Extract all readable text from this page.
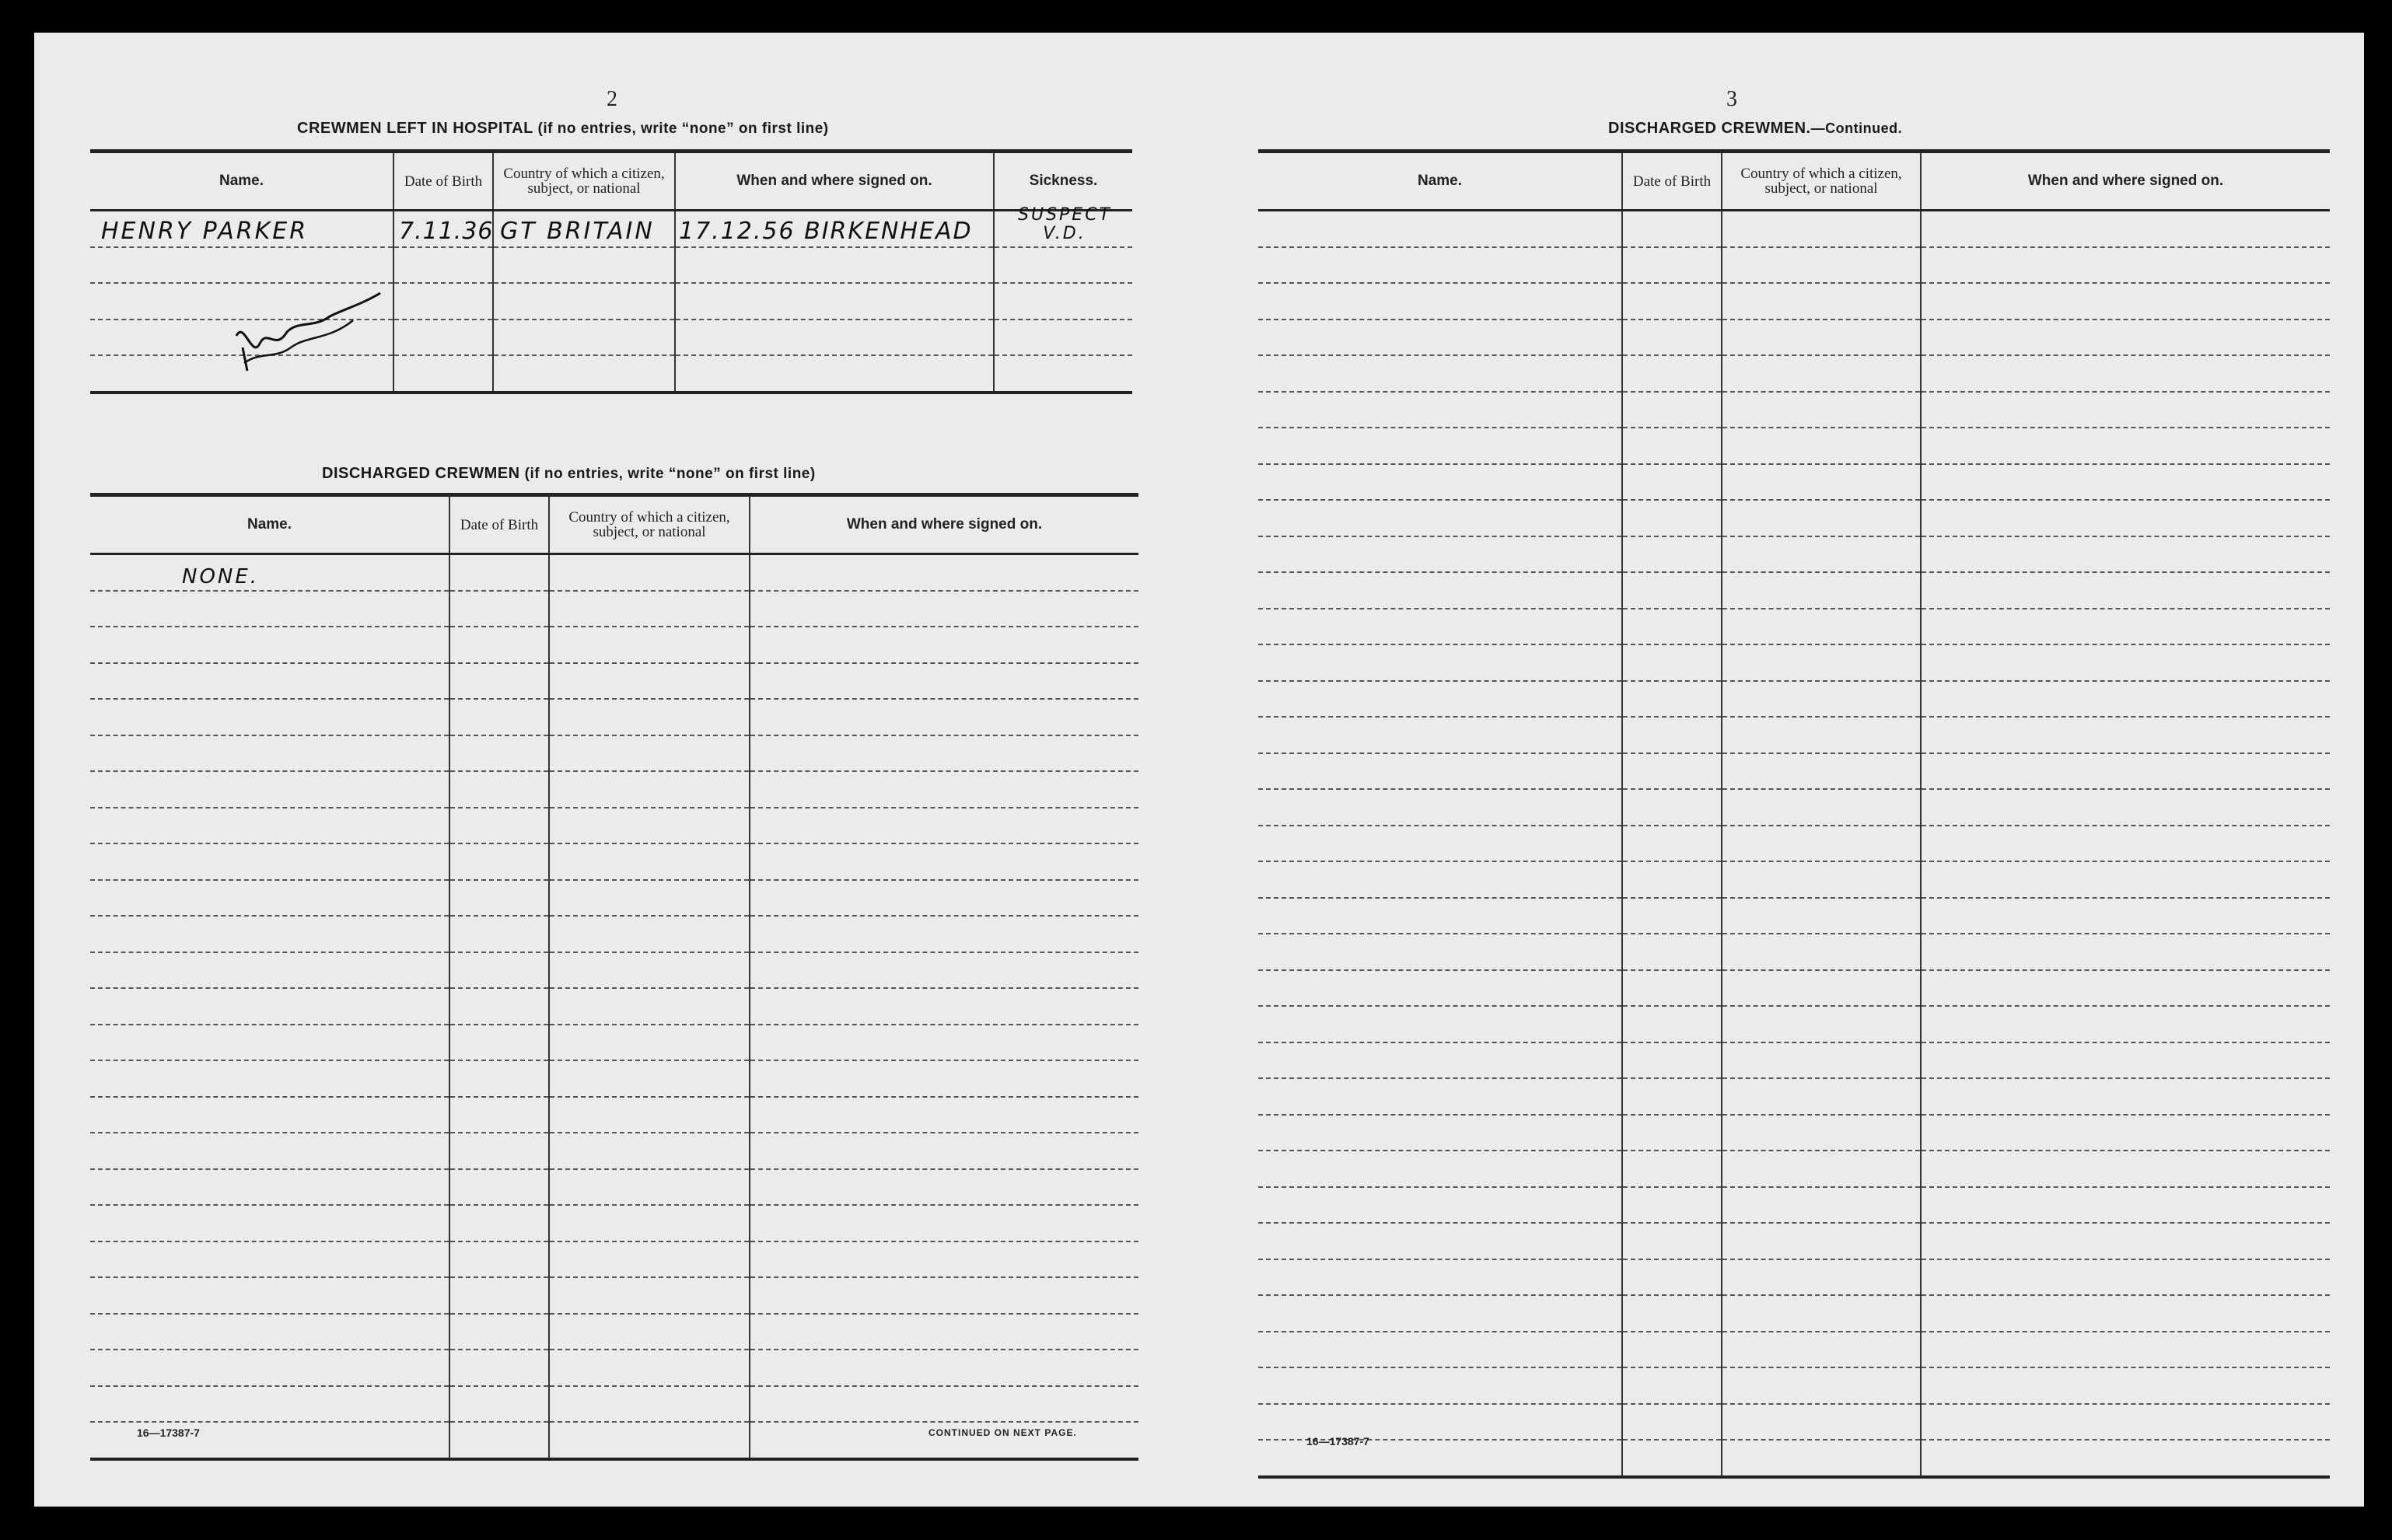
2
CREWMEN LEFT IN HOSPITAL (if no entries, write “none” on first line)
Name.	Date of Birth	Country of which a citizen, subject, or national	When and where signed on.	Sickness.

HENRY PARKER	7.11.36	GT BRITAIN	17.12.56 BIRKENHEAD	SUSPECT V.D.

DISCHARGED CREWMEN (if no entries, write “none” on first line)
Name.	Date of Birth	Country of which a citizen, subject, or national	When and where signed on.

NONE.			

16—17387-7	CONTINUED ON NEXT PAGE.
3
DISCHARGED CREWMEN.—Continued.
Name.	Date of Birth	Country of which a citizen, subject, or national	When and where signed on.

16—17387-7
